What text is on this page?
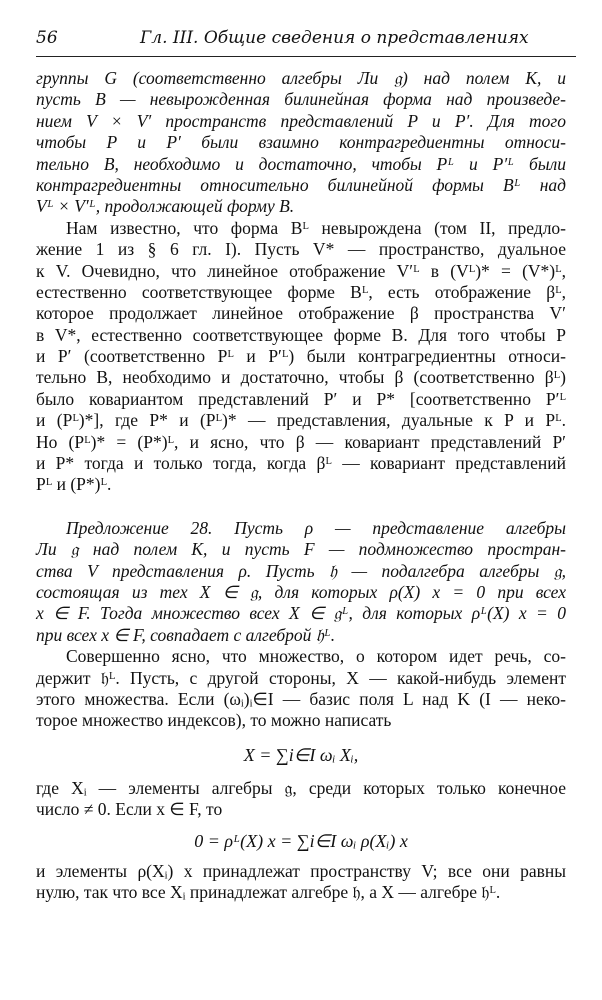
56	Гл. III. Общие сведения о представлениях
группы G (соответственно алгебры Ли 𝔤) над полем K, и
пусть B — невырожденная билинейная форма над произведе-
нием V × V′ пространств представлений P и P′. Для того
чтобы P и P′ были взаимно контрагредиентны относи-
тельно B, необходимо и достаточно, чтобы Pᴸ и P′ᴸ были
контрагредиентны относительно билинейной формы Bᴸ над
Vᴸ × V′ᴸ, продолжающей форму B.
Нам известно, что форма Bᴸ невырождена (том II, предло-
жение 1 из § 6 гл. I). Пусть V* — пространство, дуальное
к V. Очевидно, что линейное отображение V′ᴸ в (Vᴸ)* = (V*)ᴸ,
естественно соответствующее форме Bᴸ, есть отображение βᴸ,
которое продолжает линейное отображение β пространства V′
в V*, естественно соответствующее форме B. Для того чтобы P
и P′ (соответственно Pᴸ и P′ᴸ) были контрагредиентны относи-
тельно B, необходимо и достаточно, чтобы β (соответственно βᴸ)
было ковариантом представлений P′ и P* [соответственно P′ᴸ
и (Pᴸ)*], где P* и (Pᴸ)* — представления, дуальные к P и Pᴸ.
Но (Pᴸ)* = (P*)ᴸ, и ясно, что β — ковариант представлений P′
и P* тогда и только тогда, когда βᴸ — ковариант представлений
Pᴸ и (P*)ᴸ.
Предложение 28. Пусть ρ — представление алгебры
Ли 𝔤 над полем K, и пусть F — подмножество простран-
ства V представления ρ. Пусть 𝔥 — подалгебра алгебры 𝔤,
состоящая из тех X ∈ 𝔤, для которых ρ(X) x = 0 при всех
x ∈ F. Тогда множество всех X ∈ 𝔤ᴸ, для которых ρᴸ(X) x = 0
при всех x ∈ F, совпадает с алгеброй 𝔥ᴸ.
Совершенно ясно, что множество, о котором идет речь, со-
держит 𝔥ᴸ. Пусть, с другой стороны, X — какой-нибудь элемент
этого множества. Если (ωᵢ)ᵢ∈I — базис поля L над K (I — неко-
торое множество индексов), то можно написать
X = ∑i∈I ωᵢ Xᵢ,
где Xᵢ — элементы алгебры 𝔤, среди которых только конечное
число ≠ 0. Если x ∈ F, то
0 = ρᴸ(X) x = ∑i∈I ωᵢ ρ(Xᵢ) x
и элементы ρ(Xᵢ) x принадлежат пространству V; все они равны
нулю, так что все Xᵢ принадлежат алгебре 𝔥, а X — алгебре 𝔥ᴸ.
